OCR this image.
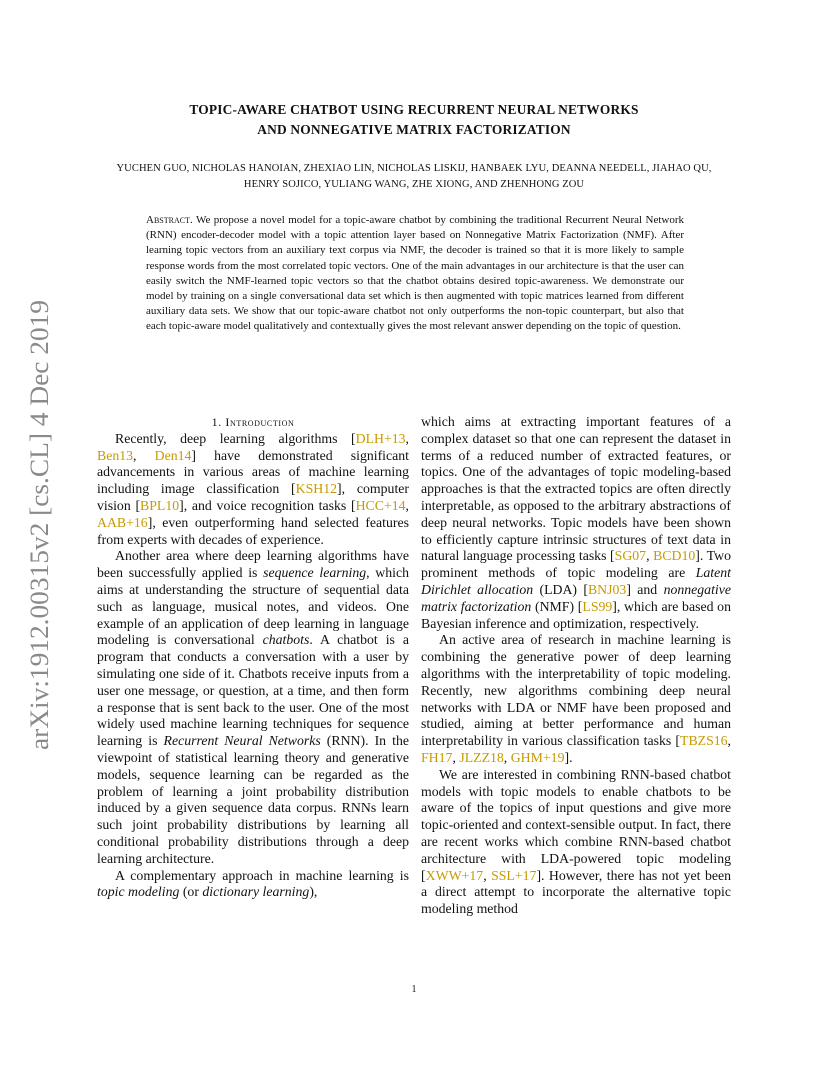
arXiv:1912.00315v2 [cs.CL] 4 Dec 2019
TOPIC-AWARE CHATBOT USING RECURRENT NEURAL NETWORKS
AND NONNEGATIVE MATRIX FACTORIZATION
YUCHEN GUO, NICHOLAS HANOIAN, ZHEXIAO LIN, NICHOLAS LISKIJ, HANBAEK LYU, DEANNA NEEDELL, JIAHAO QU,
HENRY SOJICO, YULIANG WANG, ZHE XIONG, AND ZHENHONG ZOU
Abstract. We propose a novel model for a topic-aware chatbot by combining the traditional Recurrent Neural Network (RNN) encoder-decoder model with a topic attention layer based on Nonnegative Matrix Factorization (NMF). After learning topic vectors from an auxiliary text corpus via NMF, the decoder is trained so that it is more likely to sample response words from the most correlated topic vectors. One of the main advantages in our architecture is that the user can easily switch the NMF-learned topic vectors so that the chatbot obtains desired topic-awareness. We demonstrate our model by training on a single conversational data set which is then augmented with topic matrices learned from different auxiliary data sets. We show that our topic-aware chatbot not only outperforms the non-topic counterpart, but also that each topic-aware model qualitatively and contextually gives the most relevant answer depending on the topic of question.

1. Introduction

Recently, deep learning algorithms [DLH+13, Ben13, Den14] have demonstrated significant advancements in various areas of machine learning including image classification [KSH12], computer vision [BPL10], and voice recognition tasks [HCC+14, AAB+16], even outperforming hand selected features from experts with decades of experience.

Another area where deep learning algorithms have been successfully applied is sequence learning, which aims at understanding the structure of sequential data such as language, musical notes, and videos. One example of an application of deep learning in language modeling is conversational chatbots. A chatbot is a program that conducts a conversation with a user by simulating one side of it. Chatbots receive inputs from a user one message, or question, at a time, and then form a response that is sent back to the user. One of the most widely used machine learning techniques for sequence learning is Recurrent Neural Networks (RNN). In the viewpoint of statistical learning theory and generative models, sequence learning can be regarded as the problem of learning a joint probability distribution induced by a given sequence data corpus. RNNs learn such joint probability distributions by learning all conditional probability distributions through a deep learning architecture.

A complementary approach in machine learning is topic modeling (or dictionary learning),

which aims at extracting important features of a complex dataset so that one can represent the dataset in terms of a reduced number of extracted features, or topics. One of the advantages of topic modeling-based approaches is that the extracted topics are often directly interpretable, as opposed to the arbitrary abstractions of deep neural networks. Topic models have been shown to efficiently capture intrinsic structures of text data in natural language processing tasks [SG07, BCD10]. Two prominent methods of topic modeling are Latent Dirichlet allocation (LDA) [BNJ03] and nonnegative matrix factorization (NMF) [LS99], which are based on Bayesian inference and optimization, respectively.

An active area of research in machine learning is combining the generative power of deep learning algorithms with the interpretability of topic modeling. Recently, new algorithms combining deep neural networks with LDA or NMF have been proposed and studied, aiming at better performance and human interpretability in various classification tasks [TBZS16, FH17, JLZZ18, GHM+19].

We are interested in combining RNN-based chatbot models with topic models to enable chatbots to be aware of the topics of input questions and give more topic-oriented and context-sensible output. In fact, there are recent works which combine RNN-based chatbot architecture with LDA-powered topic modeling [XWW+17, SSL+17]. However, there has not yet been a direct attempt to incorporate the alternative topic modeling method

1
